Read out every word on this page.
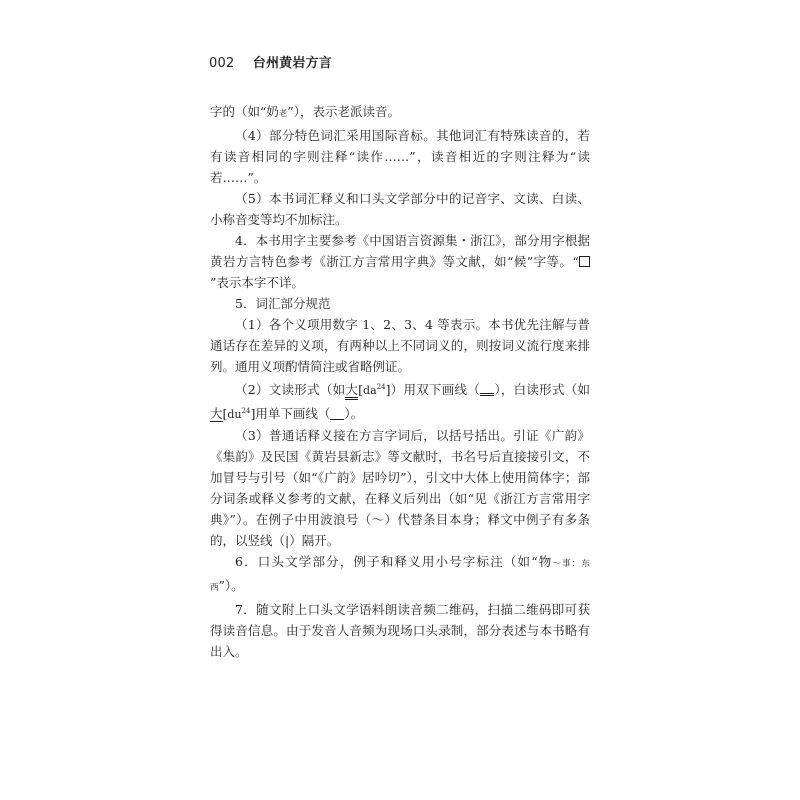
002 台州黄岩方言

字的（如“奶老”），表示老派读音。

（4）部分特色词汇采用国际音标。其他词汇有特殊读音的，若有读音相同的字则注释“读作……”，读音相近的字则注释为“读若……”。

（5）本书词汇释义和口头文学部分中的记音字、文读、白读、小称音变等均不加标注。

4．本书用字主要参考《中国语言资源集・浙江》，部分用字根据黄岩方言特色参考《浙江方言常用字典》等文献，如“候”字等。“”表示本字不详。

5．词汇部分规范

（1）各个义项用数字 1、2、3、4 等表示。本书优先注解与普通话存在差异的义项，有两种以上不同词义的，则按词义流行度来排列。通用义项酌情简注或省略例证。

（2）文读形式（如大$[da^{24}]$）用双下画线（ ），白读形式（如大$[du^{24}]$用单下画线（ ）。

（3）普通话释义接在方言字词后，以括号括出。引证《广韵》《集韵》及民国《黄岩县新志》等文献时，书名号后直接接引文，不加冒号与引号（如“《广韵》居吟切”），引文中大体上使用简体字；部分词条或释义参考的文献，在释义后列出（如“见《浙江方言常用字典》”）。在例子中用波浪号（～）代替条目本身；释文中例子有多条的，以竖线（|）隔开。

6．口头文学部分，例子和释义用小号字标注（如“物～事：东西”）。

7．随文附上口头文学语料朗读音频二维码，扫描二维码即可获得读音信息。由于发音人音频为现场口头录制，部分表述与本书略有出入。
